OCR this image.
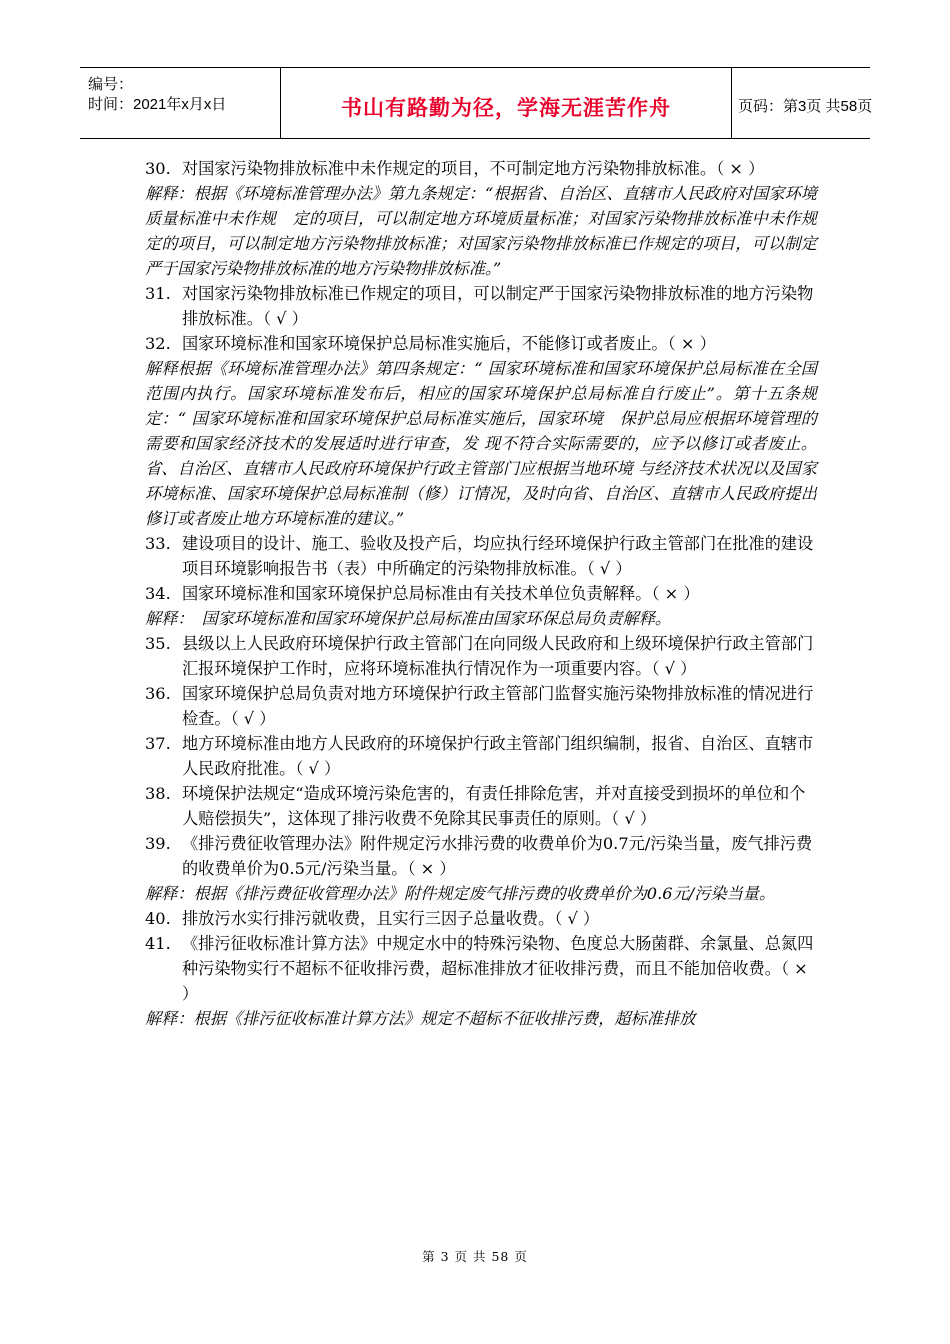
编号：
时间：2021年x月x日	书山有路勤为径，学海无涯苦作舟	页码：第3页 共58页
30. 对国家污染物排放标准中未作规定的项目，不可制定地方污染物排放标准。（ × ）
解释：根据《环境标准管理办法》第九条规定：“根据省、自治区、直辖市人民政府对国家环境质量标准中未作规　定的项目，可以制定地方环境质量标准；对国家污染物排放标准中未作规定的项目，可以制定地方污染物排放标准；对国家污染物排放标准已作规定的项目，可以制定严于国家污染物排放标准的地方污染物排放标准。”
31. 对国家污染物排放标准已作规定的项目，可以制定严于国家污染物排放标准的地方污染物排放标准。（ √ ）
32. 国家环境标准和国家环境保护总局标准实施后，不能修订或者废止。（ × ）
解释根据《环境标准管理办法》第四条规定：“ 国家环境标准和国家环境保护总局标准在全国范围内执行。国家环境标准发布后，相应的国家环境保护总局标准自行废止”。第十五条规定：“ 国家环境标准和国家环境保护总局标准实施后，国家环境　保护总局应根据环境管理的需要和国家经济技术的发展适时进行审查，发 现不符合实际需要的，应予以修订或者废止。省、自治区、直辖市人民政府环境保护行政主管部门应根据当地环境 与经济技术状况以及国家环境标准、国家环境保护总局标准制（修）订情况，及时向省、自治区、直辖市人民政府提出修订或者废止地方环境标准的建议。”
33. 建设项目的设计、施工、验收及投产后，均应执行经环境保护行政主管部门在批准的建设项目环境影响报告书（表）中所确定的污染物排放标准。（ √ ）
34. 国家环境标准和国家环境保护总局标准由有关技术单位负责解释。（ × ）
解释：　国家环境标准和国家环境保护总局标准由国家环保总局负责解释。
35. 县级以上人民政府环境保护行政主管部门在向同级人民政府和上级环境保护行政主管部门汇报环境保护工作时，应将环境标准执行情况作为一项重要内容。（ √ ）
36. 国家环境保护总局负责对地方环境保护行政主管部门监督实施污染物排放标准的情况进行检查。（ √ ）
37. 地方环境标准由地方人民政府的环境保护行政主管部门组织编制，报省、自治区、直辖市人民政府批准。（ √ ）
38. 环境保护法规定“造成环境污染危害的，有责任排除危害，并对直接受到损坏的单位和个人赔偿损失”，这体现了排污收费不免除其民事责任的原则。（ √ ）
39. 《排污费征收管理办法》附件规定污水排污费的收费单价为0.7元/污染当量，废气排污费的收费单价为0.5元/污染当量。（ × ）
解释：根据《排污费征收管理办法》附件规定废气排污费的收费单价为0.6元/污染当量。
40. 排放污水实行排污就收费，且实行三因子总量收费。（ √ ）
41. 《排污征收标准计算方法》中规定水中的特殊污染物、色度总大肠菌群、余氯量、总氮四种污染物实行不超标不征收排污费，超标准排放才征收排污费，而且不能加倍收费。（ × ）
解释：根据《排污征收标准计算方法》规定不超标不征收排污费，超标准排放
第 3 页 共 58 页
